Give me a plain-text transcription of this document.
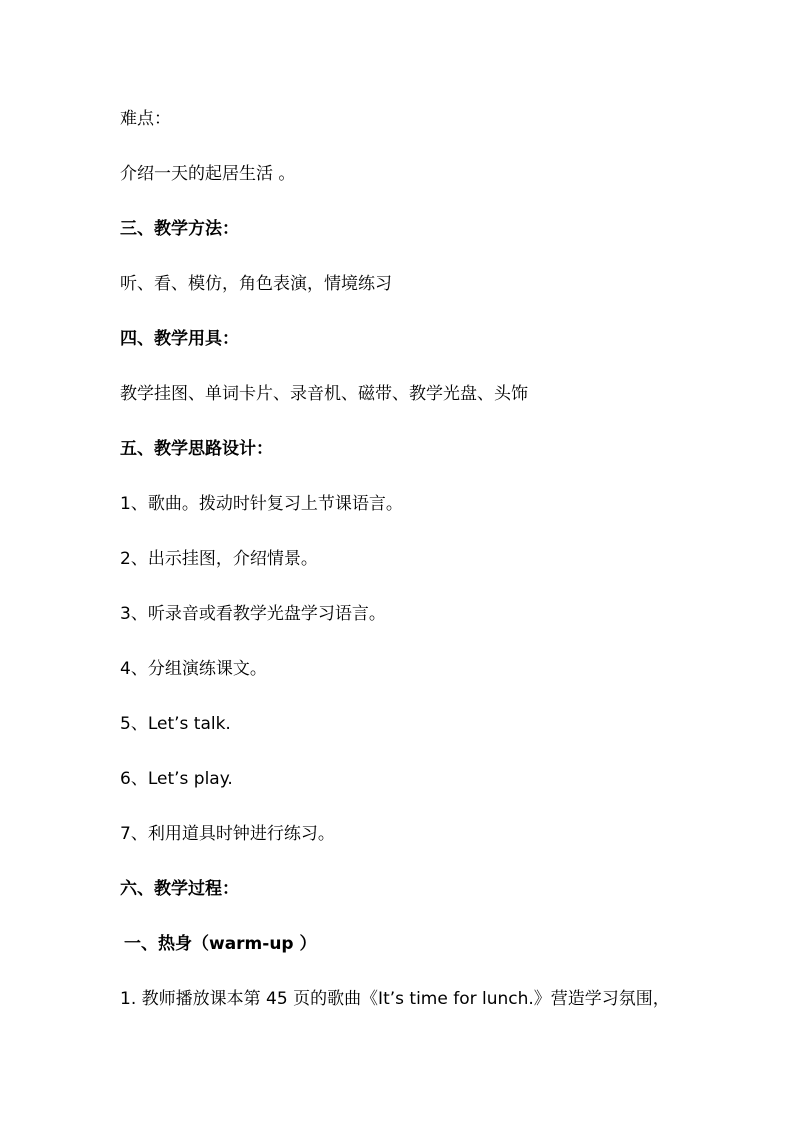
难点：
介绍一天的起居生活 。
三、教学方法：
听、看、模仿，角色表演，情境练习
四、教学用具：
教学挂图、单词卡片、录音机、磁带、教学光盘、头饰
五、教学思路设计：
1、歌曲。拨动时针复习上节课语言。
2、出示挂图，介绍情景。
3、听录音或看教学光盘学习语言。
4、分组演练课文。
5、Let’s talk.
6、Let’s play.
7、利用道具时钟进行练习。
六、教学过程：
一、热身（warm-up ）
1. 教师播放课本第 45 页的歌曲《It’s time for lunch.》营造学习氛围，
